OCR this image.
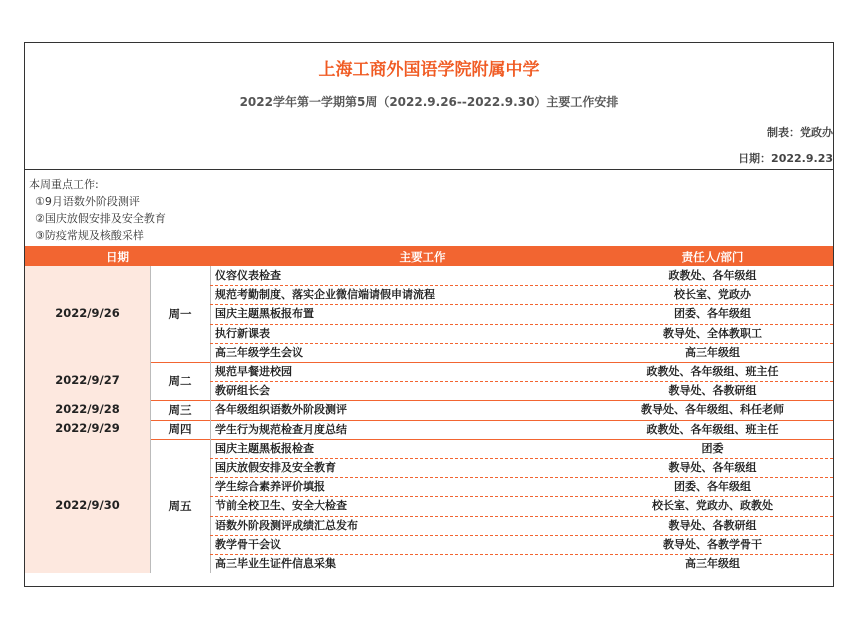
上海工商外国语学院附属中学
2022学年第一学期第5周（2022.9.26--2022.9.30）主要工作安排
制表：党政办
日期：2022.9.23
本周重点工作:
①9月语数外阶段测评
②国庆放假安排及安全教育
③防疫常规及核酸采样
日期	主要工作	责任人/部门
2022/9/26	周一
仪容仪表检查	政教处、各年级组
规范考勤制度、落实企业微信端请假申请流程	校长室、党政办
国庆主题黑板报布置	团委、各年级组
执行新课表	教导处、全体教职工
高三年级学生会议	高三年级组
2022/9/27	周二
规范早餐进校园	政教处、各年级组、班主任
教研组长会	教导处、各教研组
2022/9/28	周三	各年级组织语数外阶段测评	教导处、各年级组、科任老师
2022/9/29	周四	学生行为规范检查月度总结	政教处、各年级组、班主任
2022/9/30	周五
国庆主题黑板报检查	团委
国庆放假安排及安全教育	教导处、各年级组
学生综合素养评价填报	团委、各年级组
节前全校卫生、安全大检查	校长室、党政办、政教处
语数外阶段测评成绩汇总发布	教导处、各教研组
教学骨干会议	教导处、各教学骨干
高三毕业生证件信息采集	高三年级组
